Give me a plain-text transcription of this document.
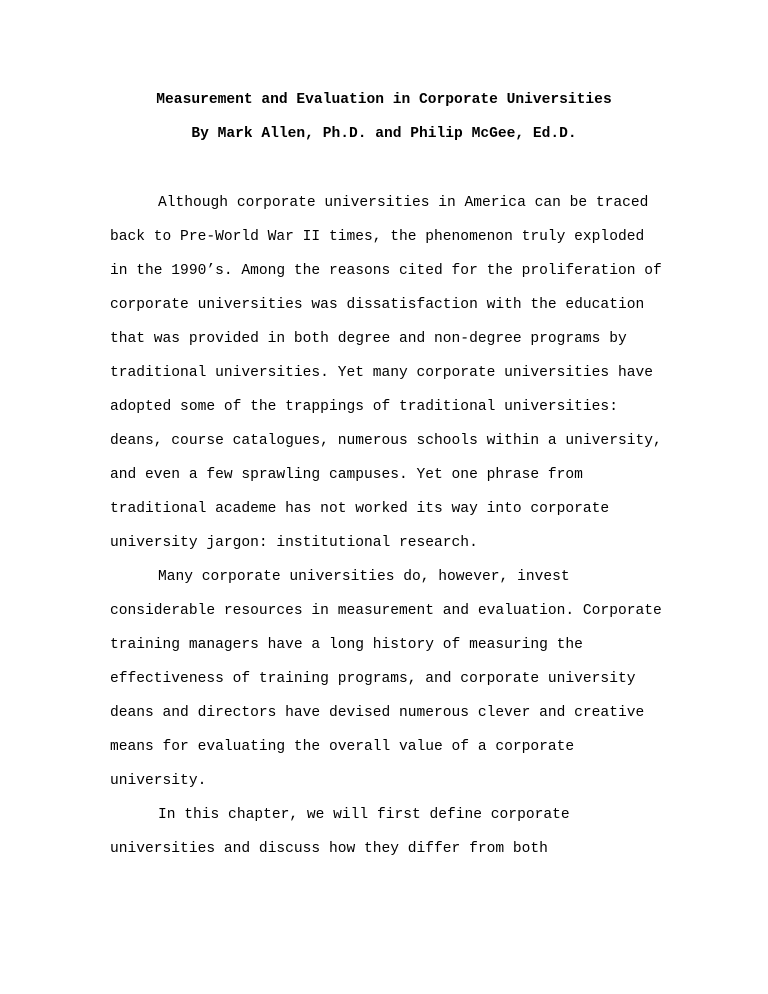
Measurement and Evaluation in Corporate Universities
By Mark Allen, Ph.D. and Philip McGee, Ed.D.

Although corporate universities in America can be traced back to Pre-World War II times, the phenomenon truly exploded in the 1990’s. Among the reasons cited for the proliferation of corporate universities was dissatisfaction with the education that was provided in both degree and non-degree programs by traditional universities. Yet many corporate universities have adopted some of the trappings of traditional universities: deans, course catalogues, numerous schools within a university, and even a few sprawling campuses. Yet one phrase from traditional academe has not worked its way into corporate university jargon: institutional research.

Many corporate universities do, however, invest considerable resources in measurement and evaluation. Corporate training managers have a long history of measuring the effectiveness of training programs, and corporate university deans and directors have devised numerous clever and creative means for evaluating the overall value of a corporate university.

In this chapter, we will first define corporate universities and discuss how they differ from both
